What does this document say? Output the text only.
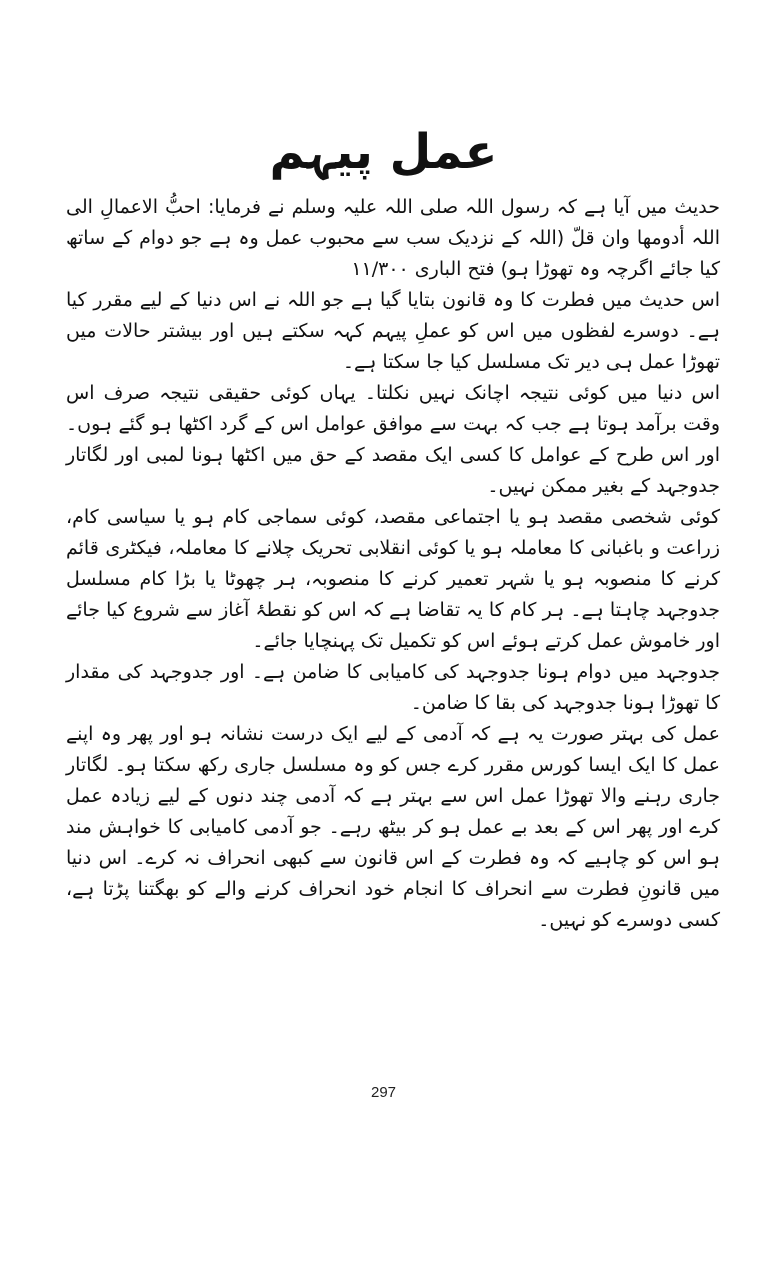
عمل پیہم

حدیث میں آیا ہے کہ رسول اللہ صلی اللہ علیہ وسلم نے فرمایا: احبُّ الاعمالِ الی اللہ أدومھا وان قلّ (اللہ کے نزدیک سب سے محبوب عمل وہ ہے جو دوام کے ساتھ کیا جائے اگرچہ وہ تھوڑا ہو) فتح الباری ۱۱/۳۰۰

اس حدیث میں فطرت کا وہ قانون بتایا گیا ہے جو اللہ نے اس دنیا کے لیے مقرر کیا ہے۔ دوسرے لفظوں میں اس کو عملِ پیہم کہہ سکتے ہیں اور بیشتر حالات میں تھوڑا عمل ہی دیر تک مسلسل کیا جا سکتا ہے۔

اس دنیا میں کوئی نتیجہ اچانک نہیں نکلتا۔ یہاں کوئی حقیقی نتیجہ صرف اس وقت برآمد ہوتا ہے جب کہ بہت سے موافق عوامل اس کے گرد اکٹھا ہو گئے ہوں۔ اور اس طرح کے عوامل کا کسی ایک مقصد کے حق میں اکٹھا ہونا لمبی اور لگاتار جدوجہد کے بغیر ممکن نہیں۔

کوئی شخصی مقصد ہو یا اجتماعی مقصد، کوئی سماجی کام ہو یا سیاسی کام، زراعت و باغبانی کا معاملہ ہو یا کوئی انقلابی تحریک چلانے کا معاملہ، فیکٹری قائم کرنے کا منصوبہ ہو یا شہر تعمیر کرنے کا منصوبہ، ہر چھوٹا یا بڑا کام مسلسل جدوجہد چاہتا ہے۔ ہر کام کا یہ تقاضا ہے کہ اس کو نقطۂ آغاز سے شروع کیا جائے اور خاموش عمل کرتے ہوئے اس کو تکمیل تک پہنچایا جائے۔

جدوجہد میں دوام ہونا جدوجہد کی کامیابی کا ضامن ہے۔ اور جدوجہد کی مقدار کا تھوڑا ہونا جدوجہد کی بقا کا ضامن۔

عمل کی بہتر صورت یہ ہے کہ آدمی کے لیے ایک درست نشانہ ہو اور پھر وہ اپنے عمل کا ایک ایسا کورس مقرر کرے جس کو وہ مسلسل جاری رکھ سکتا ہو۔ لگاتار جاری رہنے والا تھوڑا عمل اس سے بہتر ہے کہ آدمی چند دنوں کے لیے زیادہ عمل کرے اور پھر اس کے بعد بے عمل ہو کر بیٹھ رہے۔ جو آدمی کامیابی کا خواہش مند ہو اس کو چاہیے کہ وہ فطرت کے اس قانون سے کبھی انحراف نہ کرے۔ اس دنیا میں قانونِ فطرت سے انحراف کا انجام خود انحراف کرنے والے کو بھگتنا پڑتا ہے، کسی دوسرے کو نہیں۔

297
